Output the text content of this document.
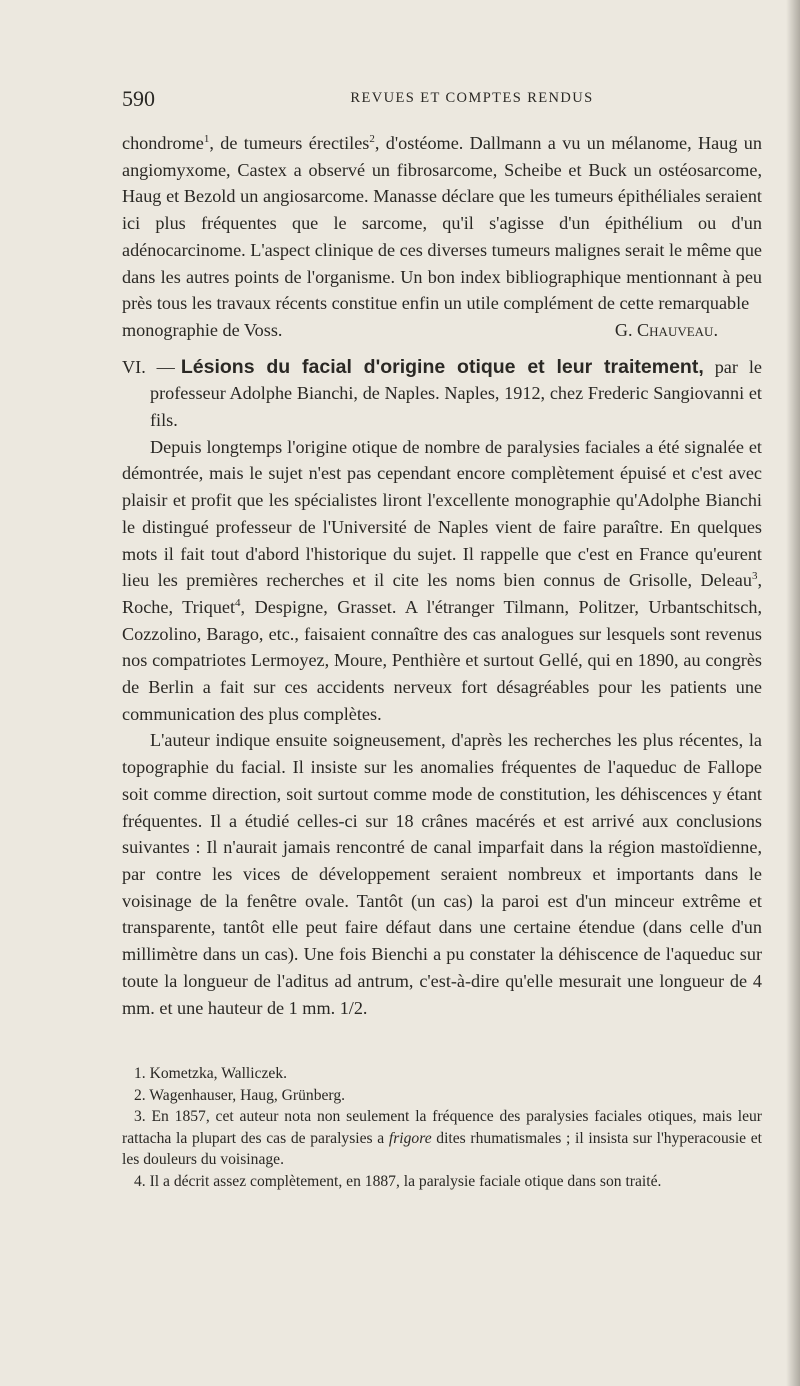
590	REVUES ET COMPTES RENDUS

chondrome$^1$, de tumeurs érectiles$^2$, d'ostéome. Dallmann a vu un mélanome, Haug un angiomyxome, Castex a observé un fibrosarcome, Scheibe et Buck un ostéosarcome, Haug et Bezold un angiosarcome. Manasse déclare que les tumeurs épithéliales seraient ici plus fréquentes que le sarcome, qu'il s'agisse d'un épithélium ou d'un adénocarcinome. L'aspect clinique de ces diverses tumeurs malignes serait le même que dans les autres points de l'organisme. Un bon index bibliographique mentionnant à peu près tous les travaux récents constitue enfin un utile complément de cette remarquable

monographie de Voss.	G. Chauveau.

VI. — Lésions du facial d'origine otique et leur traitement, par le professeur Adolphe Bianchi, de Naples. Naples, 1912, chez Frederic Sangiovanni et fils.

Depuis longtemps l'origine otique de nombre de paralysies faciales a été signalée et démontrée, mais le sujet n'est pas cependant encore complètement épuisé et c'est avec plaisir et profit que les spécialistes liront l'excellente monographie qu'Adolphe Bianchi le distingué professeur de l'Université de Naples vient de faire paraître. En quelques mots il fait tout d'abord l'historique du sujet. Il rappelle que c'est en France qu'eurent lieu les premières recherches et il cite les noms bien connus de Grisolle, Deleau$^3$, Roche, Triquet$^4$, Despigne, Grasset. A l'étranger Tilmann, Politzer, Urbantschitsch, Cozzolino, Barago, etc., faisaient connaître des cas analogues sur lesquels sont revenus nos compatriotes Lermoyez, Moure, Penthière et surtout Gellé, qui en 1890, au congrès de Berlin a fait sur ces accidents nerveux fort désagréables pour les patients une communication des plus complètes.

L'auteur indique ensuite soigneusement, d'après les recherches les plus récentes, la topographie du facial. Il insiste sur les anomalies fréquentes de l'aqueduc de Fallope soit comme direction, soit surtout comme mode de constitution, les déhiscences y étant fréquentes. Il a étudié celles-ci sur 18 crânes macérés et est arrivé aux conclusions suivantes : Il n'aurait jamais rencontré de canal imparfait dans la région mastoïdienne, par contre les vices de développement seraient nombreux et importants dans le voisinage de la fenêtre ovale. Tantôt (un cas) la paroi est d'un minceur extrême et transparente, tantôt elle peut faire défaut dans une certaine étendue (dans celle d'un millimètre dans un cas). Une fois Bienchi a pu constater la déhiscence de l'aqueduc sur toute la longueur de l'aditus ad antrum, c'est-à-dire qu'elle mesurait une longueur de 4 mm. et une hauteur de 1 mm. 1/2.

1. Kometzka, Walliczek.

2. Wagenhauser, Haug, Grünberg.

3. En 1857, cet auteur nota non seulement la fréquence des paralysies faciales otiques, mais leur rattacha la plupart des cas de paralysies a frigore dites rhumatismales ; il insista sur l'hyperacousie et les douleurs du voisinage.

4. Il a décrit assez complètement, en 1887, la paralysie faciale otique dans son traité.
